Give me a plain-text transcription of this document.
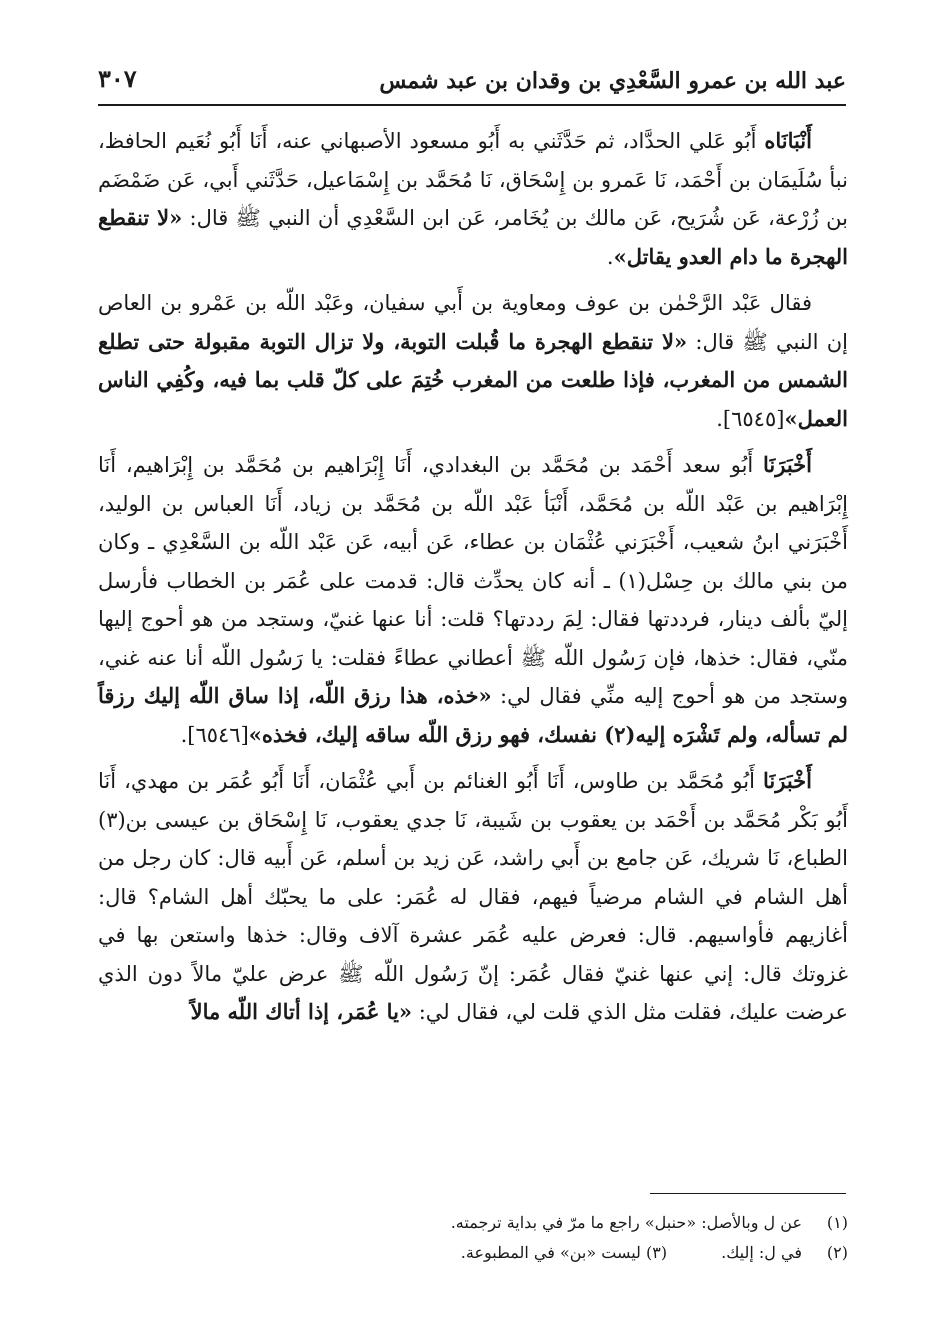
عبد الله بن عمرو السَّعْدِي بن وقدان بن عبد شمس
٣٠٧

أَنْبَانَاه أَبُو عَلي الحدَّاد، ثم حَدَّثَني به أَبُو مسعود الأصبهاني عنه، أَنَا أَبُو نُعَيم الحافظ، نبأ سُلَيمَان بن أَحْمَد، نَا عَمرو بن إِسْحَاق، نَا مُحَمَّد بن إِسْمَاعيل، حَدَّثَني أَبي، عَن ضَمْضَم بن زُرْعة، عَن شُرَيح، عَن مالك بن يُخَامر، عَن ابن السَّعْدِي أن النبي ﷺ قال: «لا تنقطع الهجرة ما دام العدو يقاتل».

فقال عَبْد الرَّحْمٰن بن عوف ومعاوية بن أَبي سفيان، وعَبْد اللّه بن عَمْرو بن العاص إن النبي ﷺ قال: «لا تنقطع الهجرة ما قُبلت التوبة، ولا تزال التوبة مقبولة حتى تطلع الشمس من المغرب، فإذا طلعت من المغرب خُتِمَ على كلّ قلب بما فيه، وكُفِي الناس العمل»[٦٥٤٥].

أَخْبَرَنَا أَبُو سعد أَحْمَد بن مُحَمَّد بن البغدادي، أَنَا إِبْرَاهيم بن مُحَمَّد بن إِبْرَاهيم، أَنَا إِبْرَاهيم بن عَبْد اللّه بن مُحَمَّد، أَنْبَأ عَبْد اللّه بن مُحَمَّد بن زياد، أَنَا العباس بن الوليد، أَخْبَرَني ابنُ شعيب، أَخْبَرَني عُثْمَان بن عطاء، عَن أبيه، عَن عَبْد اللّه بن السَّعْدِي ـ وكان من بني مالك بن حِسْل(١) ـ أنه كان يحدِّث قال: قدمت على عُمَر بن الخطاب فأرسل إليّ بألف دينار، فرددتها فقال: لِمَ رددتها؟ قلت: أنا عنها غنيّ، وستجد من هو أحوج إليها منّي، فقال: خذها، فإن رَسُول اللّه ﷺ أعطاني عطاءً فقلت: يا رَسُول اللّه أنا عنه غني، وستجد من هو أحوج إليه منِّي فقال لي: «خذه، هذا رزق اللّه، إذا ساق اللّه إليك رزقاً لم تسأله، ولم تَشْرَه إليه(٢) نفسك، فهو رزق اللّه ساقه إليك، فخذه»[٦٥٤٦].

أَخْبَرَنَا أَبُو مُحَمَّد بن طاوس، أَنَا أَبُو الغنائم بن أَبي عُثْمَان، أَنَا أَبُو عُمَر بن مهدي، أَنَا أَبُو بَكْر مُحَمَّد بن أَحْمَد بن يعقوب بن شَيبة، نَا جدي يعقوب، نَا إِسْحَاق بن عيسى بن(٣) الطباع، نَا شريك، عَن جامع بن أَبي راشد، عَن زيد بن أسلم، عَن أَبيه قال: كان رجل من أهل الشام في الشام مرضياً فيهم، فقال له عُمَر: على ما يحبّك أهل الشام؟ قال: أغازيهم فأواسيهم. قال: فعرض عليه عُمَر عشرة آلاف وقال: خذها واستعن بها في غزوتك قال: إني عنها غنيّ فقال عُمَر: إنّ رَسُول اللّه ﷺ عرض عليّ مالاً دون الذي عرضت عليك، فقلت مثل الذي قلت لي، فقال لي: «يا عُمَر، إذا أتاك اللّه مالاً

(١)عن ل وبالأصل: «حنبل» راجع ما مرّ في بداية ترجمته.
(٢)في ل: إليك.(٣) ليست «بن» في المطبوعة.
